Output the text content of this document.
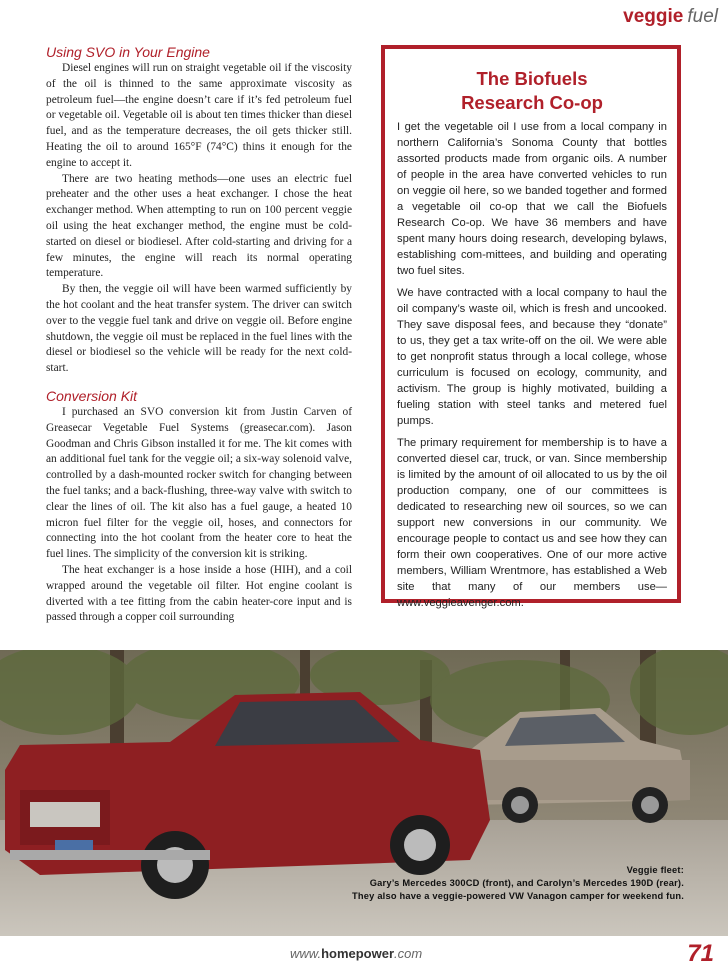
veggie fuel
Using SVO in Your Engine

Diesel engines will run on straight vegetable oil if the viscosity of the oil is thinned to the same approximate viscosity as petroleum fuel—the engine doesn’t care if it’s fed petroleum fuel or vegetable oil. Vegetable oil is about ten times thicker than diesel fuel, and as the temperature decreases, the oil gets thicker still. Heating the oil to around 165°F (74°C) thins it enough for the engine to accept it.

There are two heating methods—one uses an electric fuel preheater and the other uses a heat exchanger. I chose the heat exchanger method. When attempting to run on 100 percent veggie oil using the heat exchanger method, the engine must be cold-started on diesel or biodiesel. After cold-starting and driving for a few minutes, the engine will reach its normal operating temperature.

By then, the veggie oil will have been warmed sufficiently by the hot coolant and the heat transfer system. The driver can switch over to the veggie fuel tank and drive on veggie oil. Before engine shutdown, the veggie oil must be replaced in the fuel lines with the diesel or biodiesel so the vehicle will be ready for the next cold-start.

Conversion Kit

I purchased an SVO conversion kit from Justin Carven of Greasecar Vegetable Fuel Systems (greasecar.com). Jason Goodman and Chris Gibson installed it for me. The kit comes with an additional fuel tank for the veggie oil; a six-way solenoid valve, controlled by a dash-mounted rocker switch for changing between the fuel tanks; and a back-flushing, three-way valve with switch to clear the lines of oil. The kit also has a fuel gauge, a heated 10 micron fuel filter for the veggie oil, hoses, and connectors for connecting into the hot coolant from the heater core to heat the fuel lines. The simplicity of the conversion kit is striking.

The heat exchanger is a hose inside a hose (HIH), and a coil wrapped around the vegetable oil filter. Hot engine coolant is diverted with a tee fitting from the cabin heater-core input and is passed through a copper coil surrounding

The Biofuels
Research Co-op

I get the vegetable oil I use from a local company in northern California’s Sonoma County that bottles assorted products made from organic oils. A number of people in the area have converted vehicles to run on veggie oil here, so we banded together and formed a vegetable oil co-op that we call the Biofuels Research Co-op. We have 36 members and have spent many hours doing research, developing bylaws, establishing com-mittees, and building and operating two fuel sites.

We have contracted with a local company to haul the oil company’s waste oil, which is fresh and uncooked. They save disposal fees, and because they “donate” to us, they get a tax write-off on the oil. We were able to get nonprofit status through a local college, whose curriculum is focused on ecology, community, and activism. The group is highly motivated, building a fueling station with steel tanks and metered fuel pumps.

The primary requirement for membership is to have a converted diesel car, truck, or van. Since membership is limited by the amount of oil allocated to us by the oil production company, one of our committees is dedicated to researching new oil sources, so we can support new conversions in our community. We encourage people to contact us and see how they can form their own cooperatives. One of our more active members, William Wrentmore, has established a Web site that many of our members use—www.veggieavenger.com.

Veggie fleet:
Gary’s Mercedes 300CD (front), and Carolyn’s Mercedes 190D (rear).
They also have a veggie-powered VW Vanagon camper for weekend fun.
www.homepower.com	71
